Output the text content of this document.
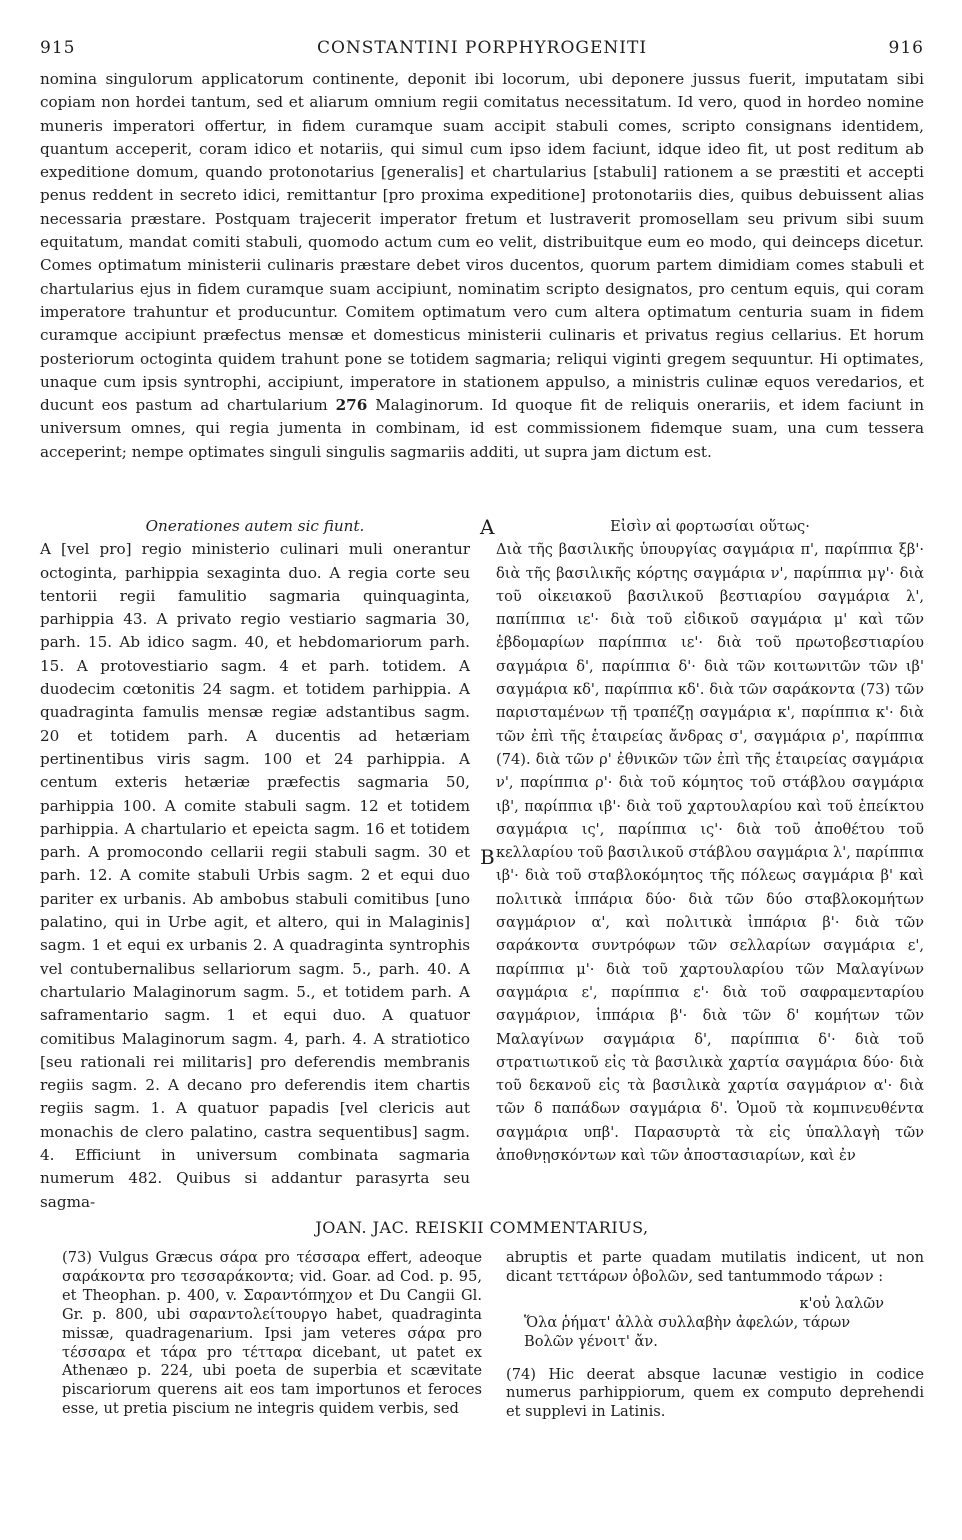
915	CONSTANTINI PORPHYROGENITI	916

nomina singulorum applicatorum continente, deponit ibi locorum, ubi deponere jussus fuerit, imputatam sibi copiam non hordei tantum, sed et aliarum omnium regii comitatus necessitatum. Id vero, quod in hordeo nomine muneris imperatori offertur, in fidem curamque suam accipit stabuli comes, scripto consignans identidem, quantum acceperit, coram idico et notariis, qui simul cum ipso idem faciunt, idque ideo fit, ut post reditum ab expeditione domum, quando protonotarius [generalis] et chartularius [stabuli] rationem a se præstiti et accepti penus reddent in secreto idici, remittantur [pro proxima expeditione] protonotariis dies, quibus debuissent alias necessaria præstare. Postquam trajecerit imperator fretum et lustraverit promosellam seu privum sibi suum equitatum, mandat comiti stabuli, quomodo actum cum eo velit, distribuitque eum eo modo, qui deinceps dicetur. Comes optimatum ministerii culinaris præstare debet viros ducentos, quorum partem dimidiam comes stabuli et chartularius ejus in fidem curamque suam accipiunt, nominatim scripto designatos, pro centum equis, qui coram imperatore trahuntur et producuntur. Comitem optimatum vero cum altera optimatum centuria suam in fidem curamque accipiunt præfectus mensæ et domesticus ministerii culinaris et privatus regius cellarius. Et horum posteriorum octoginta quidem trahunt pone se totidem sagmaria; reliqui viginti gregem sequuntur. Hi optimates, unaque cum ipsis syntrophi, accipiunt, imperatore in stationem appulso, a ministris culinæ equos veredarios, et ducunt eos pastum ad chartularium 276 Malaginorum. Id quoque fit de reliquis onerariis, et idem faciunt in universum omnes, qui regia jumenta in combinam, id est commissionem fidemque suam, una cum tessera acceperint; nempe optimates singuli singulis sagmariis additi, ut supra jam dictum est.

Onerationes autem sic fiunt.

A [vel pro] regio ministerio culinari muli onerantur octoginta, parhippia sexaginta duo. A regia corte seu tentorii regii famulitio sagmaria quinquaginta, parhippia 43. A privato regio vestiario sagmaria 30, parh. 15. Ab idico sagm. 40, et hebdomariorum parh. 15. A protovestiario sagm. 4 et parh. totidem. A duodecim cœtonitis 24 sagm. et totidem parhippia. A quadraginta famulis mensæ regiæ adstantibus sagm. 20 et totidem parh. A ducentis ad hetæriam pertinentibus viris sagm. 100 et 24 parhippia. A centum exteris hetæriæ præfectis sagmaria 50, parhippia 100. A comite stabuli sagm. 12 et totidem parhippia. A chartulario et epeicta sagm. 16 et totidem parh. A promocondo cellarii regii stabuli sagm. 30 et parh. 12. A comite stabuli Urbis sagm. 2 et equi duo pariter ex urbanis. Ab ambobus stabuli comitibus [uno palatino, qui in Urbe agit, et altero, qui in Malaginis] sagm. 1 et equi ex urbanis 2. A quadraginta syntrophis vel contubernalibus sellariorum sagm. 5., parh. 40. A chartulario Malaginorum sagm. 5., et totidem parh. A saframentario sagm. 1 et equi duo. A quatuor comitibus Malaginorum sagm. 4, parh. 4. A stratiotico [seu rationali rei militaris] pro deferendis membranis regiis sagm. 2. A decano pro deferendis item chartis regiis sagm. 1. A quatuor papadis [vel clericis aut monachis de clero palatino, castra sequentibus] sagm. 4. Efficiunt in universum combinata sagmaria numerum 482. Quibus si addantur parasyrta seu sagma-

A
B

Εἰσὶν αἱ φορτωσίαι οὕτως·

Διὰ τῆς βασιλικῆς ὑπουργίας σαγμάρια π', παρίππια ξβ'· διὰ τῆς βασιλικῆς κόρτης σαγμάρια ν', παρίππια μγ'· διὰ τοῦ οἰκειακοῦ βασιλικοῦ βεστιαρίου σαγμάρια λ', παπίππια ιε'· διὰ τοῦ εἰδικοῦ σαγμάρια μ' καὶ τῶν ἑβδομαρίων παρίππια ιε'· διὰ τοῦ πρωτοβεστιαρίου σαγμάρια δ', παρίππια δ'· διὰ τῶν κοιτωνιτῶν τῶν ιβ' σαγμάρια κδ', παρίππια κδ'. διὰ τῶν σαράκοντα (73) τῶν παρισταμένων τῇ τραπέζῃ σαγμάρια κ', παρίππια κ'· διὰ τῶν ἐπὶ τῆς ἑταιρείας ἄνδρας σ', σαγμάρια ρ', παρίππια (74). διὰ τῶν ρ' ἐθνικῶν τῶν ἐπὶ τῆς ἑταιρείας σαγμάρια ν', παρίππια ρ'· διὰ τοῦ κόμητος τοῦ στάβλου σαγμάρια ιβ', παρίππια ιβ'· διὰ τοῦ χαρτουλαρίου καὶ τοῦ ἐπείκτου σαγμάρια ις', παρίππια ις'· διὰ τοῦ ἀποθέτου τοῦ κελλαρίου τοῦ βασιλικοῦ στάβλου σαγμάρια λ', παρίππια ιβ'· διὰ τοῦ σταβλοκόμητος τῆς πόλεως σαγμάρια β' καὶ πολιτικὰ ἱππάρια δύο· διὰ τῶν δύο σταβλοκομήτων σαγμάριον α', καὶ πολιτικὰ ἱππάρια β'· διὰ τῶν σαράκοντα συντρόφων τῶν σελλαρίων σαγμάρια ε', παρίππια μ'· διὰ τοῦ χαρτουλαρίου τῶν Μαλαγίνων σαγμάρια ε', παρίππια ε'· διὰ τοῦ σαφραμενταρίου σαγμάριον, ἱππάρια β'· διὰ τῶν δ' κομήτων τῶν Μαλαγίνων σαγμάρια δ', παρίππια δ'· διὰ τοῦ στρατιωτικοῦ εἰς τὰ βασιλικὰ χαρτία σαγμάρια δύο· διὰ τοῦ δεκανοῦ εἰς τὰ βασιλικὰ χαρτία σαγμάριον α'· διὰ τῶν δ παπάδων σαγμάρια δ'. Ὁμοῦ τὰ κομπινευθέντα σαγμάρια υπβ'. Παρασυρτὰ τὰ εἰς ὑπαλλαγὴ τῶν ἀποθνῃσκόντων καὶ τῶν ἀποστασιαρίων, καὶ ἐν

JOAN. JAC. REISKII COMMENTARIUS,

(73) Vulgus Græcus σάρα pro τέσσαρα effert, adeoque σαράκοντα pro τεσσαράκοντα; vid. Goar. ad Cod. p. 95, et Theophan. p. 400, v. Σαραντόπηχον et Du Cangii Gl. Gr. p. 800, ubi σαραντολείτουργο habet, quadraginta missæ, quadragenarium. Ipsi jam veteres σάρα pro τέσσαρα et τάρα pro τέτταρα dicebant, ut patet ex Athenæo p. 224, ubi poeta de superbia et scævitate piscariorum querens ait eos tam importunos et feroces esse, ut pretia piscium ne integris quidem verbis, sed

abruptis et parte quadam mutilatis indicent, ut non dicant τεττάρων ὀβολῶν, sed tantummodo τάρων :

κ'οὐ λαλῶν
Ὅλα ῥήματ' ἀλλὰ συλλαβὴν ἀφελών, τάρων
Βολῶν γένοιτ' ἄν.

(74) Hic deerat absque lacunæ vestigio in codice numerus parhippiorum, quem ex computo deprehendi et supplevi in Latinis.
